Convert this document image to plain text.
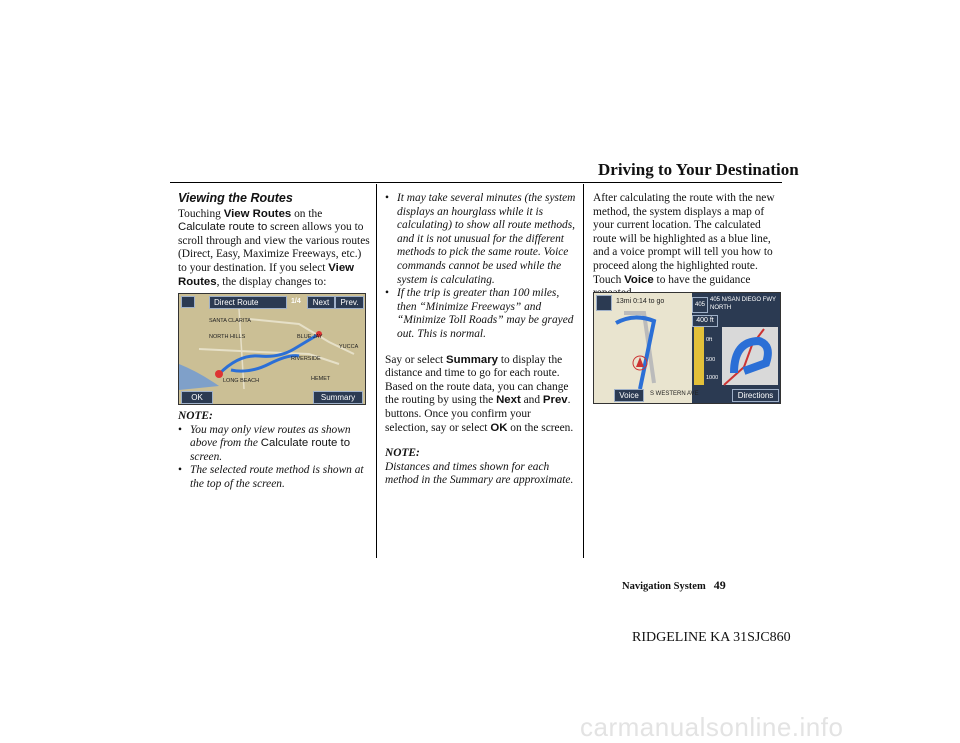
Driving to Your Destination
Viewing the Routes

Touching View Routes on the Calculate route to screen allows you to scroll through and view the various routes (Direct, Easy, Maximize Freeways, etc.) to your destination. If you select View Routes, the display changes to:

Direct Route	1/4	Next	Prev.
SANTA CLARITA
NORTH HILLS
RIVERSIDE
HEMET
YUCCA
BLUE JAY
LONG BEACH
OK	Summary

NOTE:

• You may only view routes as shown above from the Calculate route to screen.
• The selected route method is shown at the top of the screen.
• It may take several minutes (the system displays an hourglass while it is calculating) to show all route methods, and it is not unusual for the different methods to pick the same route. Voice commands cannot be used while the system is calculating.
• If the trip is greater than 100 miles, then “Minimize Freeways” and “Minimize Toll Roads” may be grayed out. This is normal.

Say or select Summary to display the distance and time to go for each route. Based on the route data, you can change the routing by using the Next and Prev. buttons. Once you confirm your selection, say or select OK on the screen.

NOTE:

Distances and times shown for each method in the Summary are approximate.

After calculating the route with the new method, the system displays a map of your current location. The calculated route will be highlighted as a blue line, and a voice prompt will tell you how to proceed along the highlighted route. Touch Voice to have the guidance

13mi 0:14 to go	405
405 N/SAN DIEGO FWY NORTH
400 ft
0ft
500
1000
Voice	S WESTERN AVE	Directions
Navigation System 49
RIDGELINE KA 31SJC860
carmanualsonline.info
